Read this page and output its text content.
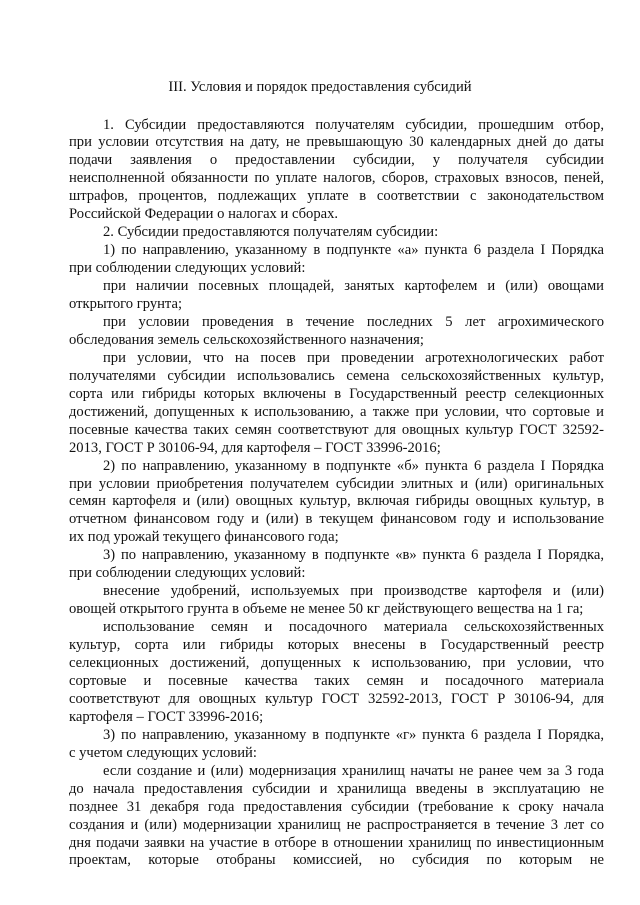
III. Условия и порядок предоставления субсидий
1. Субсидии предоставляются получателям субсидии, прошедшим отбор,
при условии отсутствия на дату, не превышающую 30 календарных дней до даты
подачи заявления о предоставлении субсидии, у получателя субсидии
неисполненной обязанности по уплате налогов, сборов, страховых взносов, пеней,
штрафов, процентов, подлежащих уплате в соответствии с законодательством
Российской Федерации о налогах и сборах.
2. Субсидии предоставляются получателям субсидии:
1) по направлению, указанному в подпункте «а» пункта 6 раздела I Порядка
при соблюдении следующих условий:
при наличии посевных площадей, занятых картофелем и (или) овощами
открытого грунта;
при условии проведения в течение последних 5 лет агрохимического
обследования земель сельскохозяйственного назначения;
при условии, что на посев при проведении агротехнологических работ
получателями субсидии использовались семена сельскохозяйственных культур,
сорта или гибриды которых включены в Государственный реестр селекционных
достижений, допущенных к использованию, а также при условии, что сортовые и
посевные качества таких семян соответствуют для овощных культур ГОСТ 32592-
2013, ГОСТ Р 30106-94, для картофеля – ГОСТ 33996-2016;
2) по направлению, указанному в подпункте «б» пункта 6 раздела I Порядка
при условии приобретения получателем субсидии элитных и (или) оригинальных
семян картофеля и (или) овощных культур, включая гибриды овощных культур, в
отчетном финансовом году и (или) в текущем финансовом году и использование
их под урожай текущего финансового года;
3) по направлению, указанному в подпункте «в» пункта 6 раздела I Порядка,
при соблюдении следующих условий:
внесение удобрений, используемых при производстве картофеля и (или)
овощей открытого грунта в объеме не менее 50 кг действующего вещества на 1 га;
использование семян и посадочного материала сельскохозяйственных
культур, сорта или гибриды которых внесены в Государственный реестр
селекционных достижений, допущенных к использованию, при условии, что
сортовые и посевные качества таких семян и посадочного материала
соответствуют для овощных культур ГОСТ 32592-2013, ГОСТ Р 30106-94, для
картофеля – ГОСТ 33996-2016;
3) по направлению, указанному в подпункте «г» пункта 6 раздела I Порядка,
с учетом следующих условий:
если создание и (или) модернизация хранилищ начаты не ранее чем за 3 года
до начала предоставления субсидии и хранилища введены в эксплуатацию не
позднее 31 декабря года предоставления субсидии (требование к сроку начала
создания и (или) модернизации хранилищ не распространяется в течение 3 лет со
дня подачи заявки на участие в отборе в отношении хранилищ по инвестиционным
проектам, которые отобраны комиссией, но субсидия по которым не
